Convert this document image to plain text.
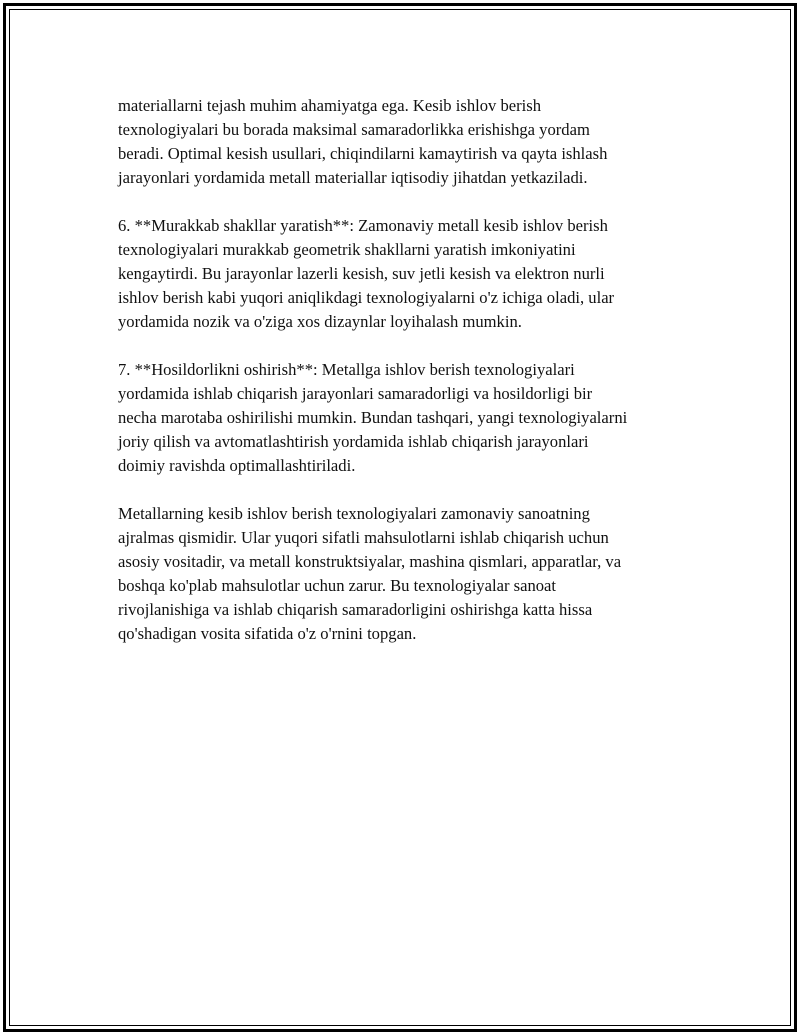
materiallarni tejash muhim ahamiyatga ega. Kesib ishlov berish
texnologiyalari bu borada maksimal samaradorlikka erishishga yordam
beradi. Optimal kesish usullari, chiqindilarni kamaytirish va qayta ishlash
jarayonlari yordamida metall materiallar iqtisodiy jihatdan yetkaziladi.

6. **Murakkab shakllar yaratish**: Zamonaviy metall kesib ishlov berish
texnologiyalari murakkab geometrik shakllarni yaratish imkoniyatini
kengaytirdi. Bu jarayonlar lazerli kesish, suv jetli kesish va elektron nurli
ishlov berish kabi yuqori aniqlikdagi texnologiyalarni o'z ichiga oladi, ular
yordamida nozik va o'ziga xos dizaynlar loyihalash mumkin.

7. **Hosildorlikni oshirish**: Metallga ishlov berish texnologiyalari
yordamida ishlab chiqarish jarayonlari samaradorligi va hosildorligi bir
necha marotaba oshirilishi mumkin. Bundan tashqari, yangi texnologiyalarni
joriy qilish va avtomatlashtirish yordamida ishlab chiqarish jarayonlari
doimiy ravishda optimallashtiriladi.

Metallarning kesib ishlov berish texnologiyalari zamonaviy sanoatning
ajralmas qismidir. Ular yuqori sifatli mahsulotlarni ishlab chiqarish uchun
asosiy vositadir, va metall konstruktsiyalar, mashina qismlari, apparatlar, va
boshqa ko'plab mahsulotlar uchun zarur. Bu texnologiyalar sanoat
rivojlanishiga va ishlab chiqarish samaradorligini oshirishga katta hissa
qo'shadigan vosita sifatida o'z o'rnini topgan.
